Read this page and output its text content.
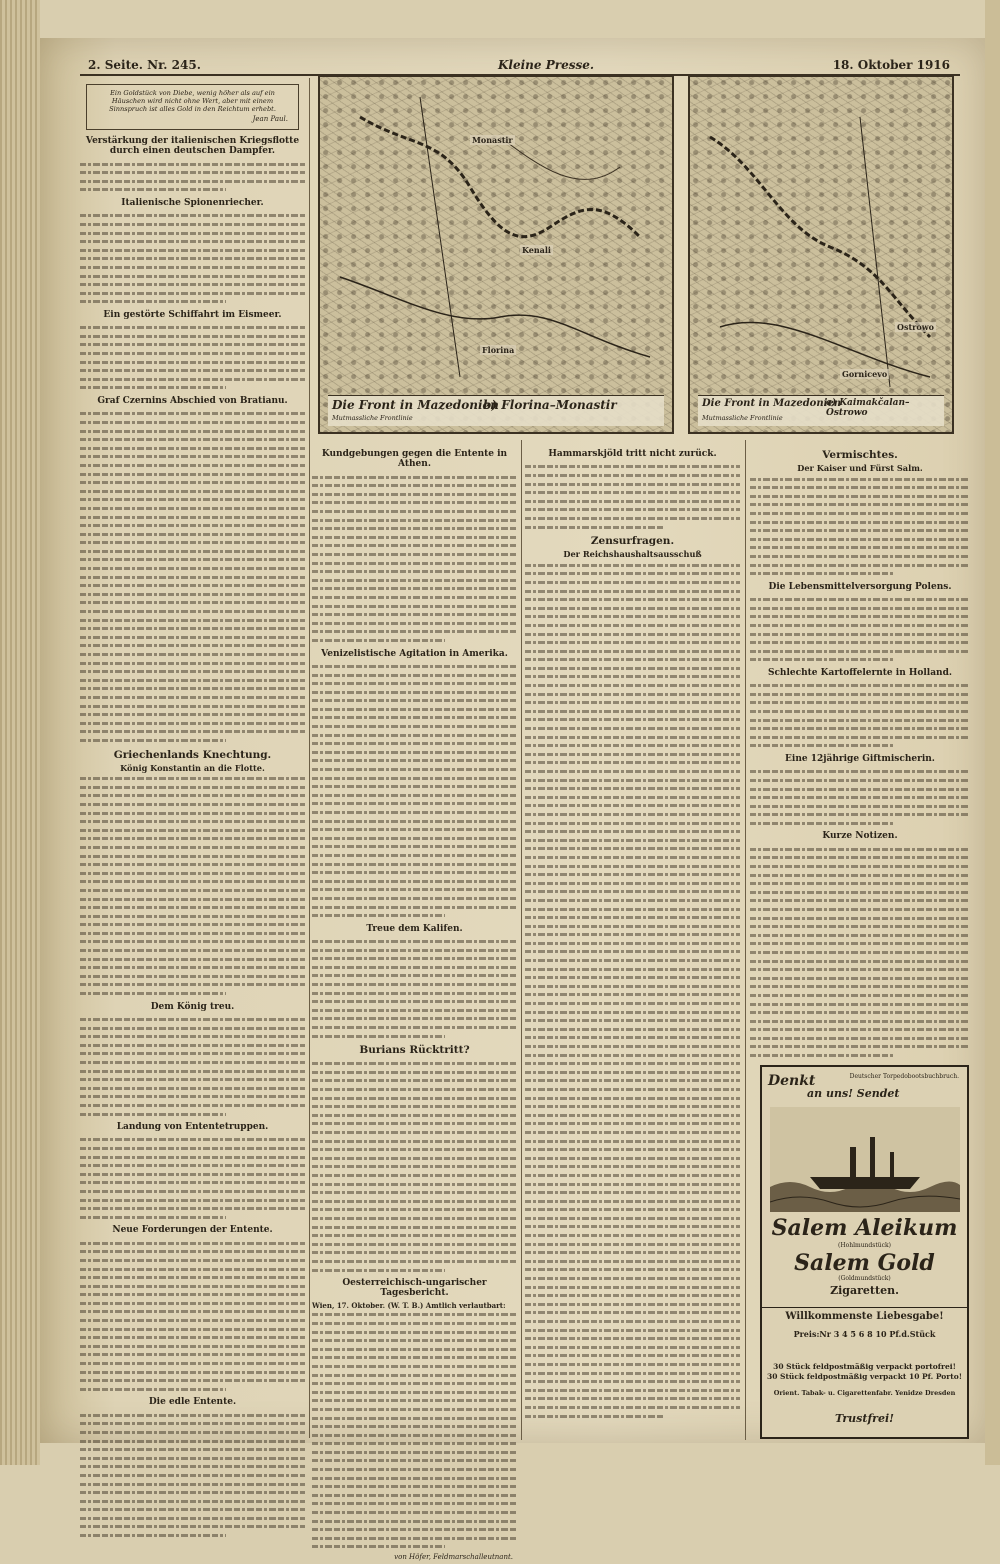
2. Seite. Nr. 245.	Kleine Presse.	18. Oktober 1916
Ein Goldstück von Diebe, wenig höher als auf ein Häuschen wird nicht ohne Wert, aber mit einem Sinnspruch ist alles Gold in den Reichtum erhebt.
Jean Paul.
Verstärkung der italienischen Kriegsflotte durch einen deutschen Dampfer.
Italienische Spionenriecher.
Ein gestörte Schiffahrt im Eismeer.
Graf Czernins Abschied von Bratianu.
Griechenlands Knechtung.
König Konstantin an die Flotte.
Dem König treu.
Landung von Ententetruppen.
Neue Forderungen der Entente.
Die edle Entente.
Monastir
Florina
Kenali
Die Front in Mazedonien
b) Florina–Monastir
Mutmassliche Frontlinie
Ostrowo
Gornicevo
Die Front in Mazedonien
a) Kaimakčalan–Ostrowo
Mutmassliche Frontlinie
Kundgebungen gegen die Entente in Athen.
Venizelistische Agitation in Amerika.
Treue dem Kalifen.
Burians Rücktritt?
Oesterreichisch-ungarischer Tagesbericht.
Wien, 17. Oktober. (W. T. B.) Amtlich verlautbart:
von Höfer, Feldmarschalleutnant.
Hammarskjöld tritt nicht zurück.
Zensurfragen.
Der Reichshaushaltsausschuß
Vermischtes.
Der Kaiser und Fürst Salm.
Die Lebensmittelversorgung Polens.
Schlechte Kartoffelernte in Holland.
Eine 12jährige Giftmischerin.
Kurze Notizen.
Denkt
an uns! Sendet
Deutscher Torpedobootsbuchbruch.
Salem Aleikum
(Hohlmundstück)
Salem Gold
(Goldmundstück)
Zigaretten.
Willkommenste Liebesgabe!
Preis:Nr 3 4 5 6 8 10 Pf.d.Stück
30 Stück feldpostmäßig verpackt portofrei!
30 Stück feldpostmäßig verpackt 10 Pf. Porto!
Orient. Tabak- u. Cigarettenfabr. Yenidze Dresden
Trustfrei!
